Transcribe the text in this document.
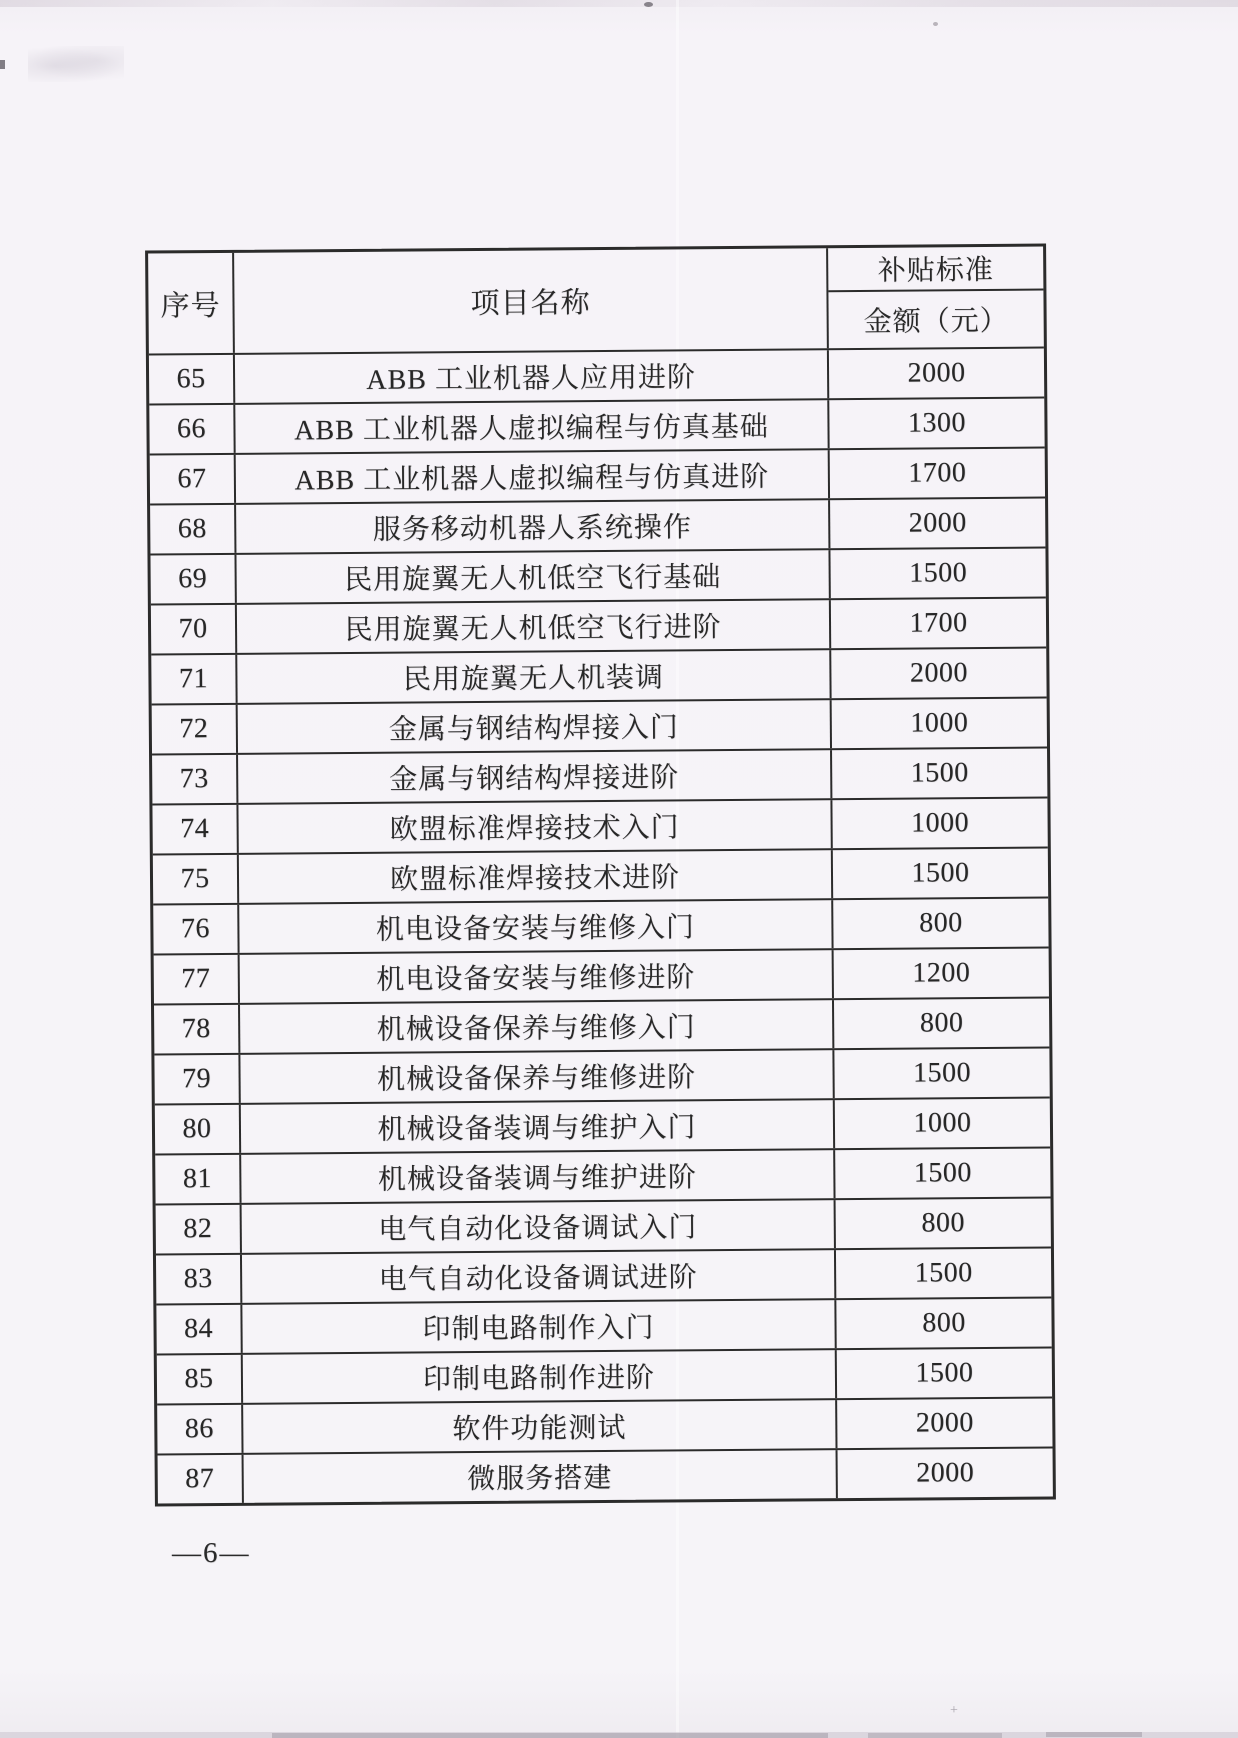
+
序号	项目名称
补贴标准
金额（元）
65	ABB 工业机器人应用进阶	2000
66	ABB 工业机器人虚拟编程与仿真基础	1300
67	ABB 工业机器人虚拟编程与仿真进阶	1700
68	服务移动机器人系统操作	2000
69	民用旋翼无人机低空飞行基础	1500
70	民用旋翼无人机低空飞行进阶	1700
71	民用旋翼无人机装调	2000
72	金属与钢结构焊接入门	1000
73	金属与钢结构焊接进阶	1500
74	欧盟标准焊接技术入门	1000
75	欧盟标准焊接技术进阶	1500
76	机电设备安装与维修入门	800
77	机电设备安装与维修进阶	1200
78	机械设备保养与维修入门	800
79	机械设备保养与维修进阶	1500
80	机械设备装调与维护入门	1000
81	机械设备装调与维护进阶	1500
82	电气自动化设备调试入门	800
83	电气自动化设备调试进阶	1500
84	印制电路制作入门	800
85	印制电路制作进阶	1500
86	软件功能测试	2000
87	微服务搭建	2000
—6—
